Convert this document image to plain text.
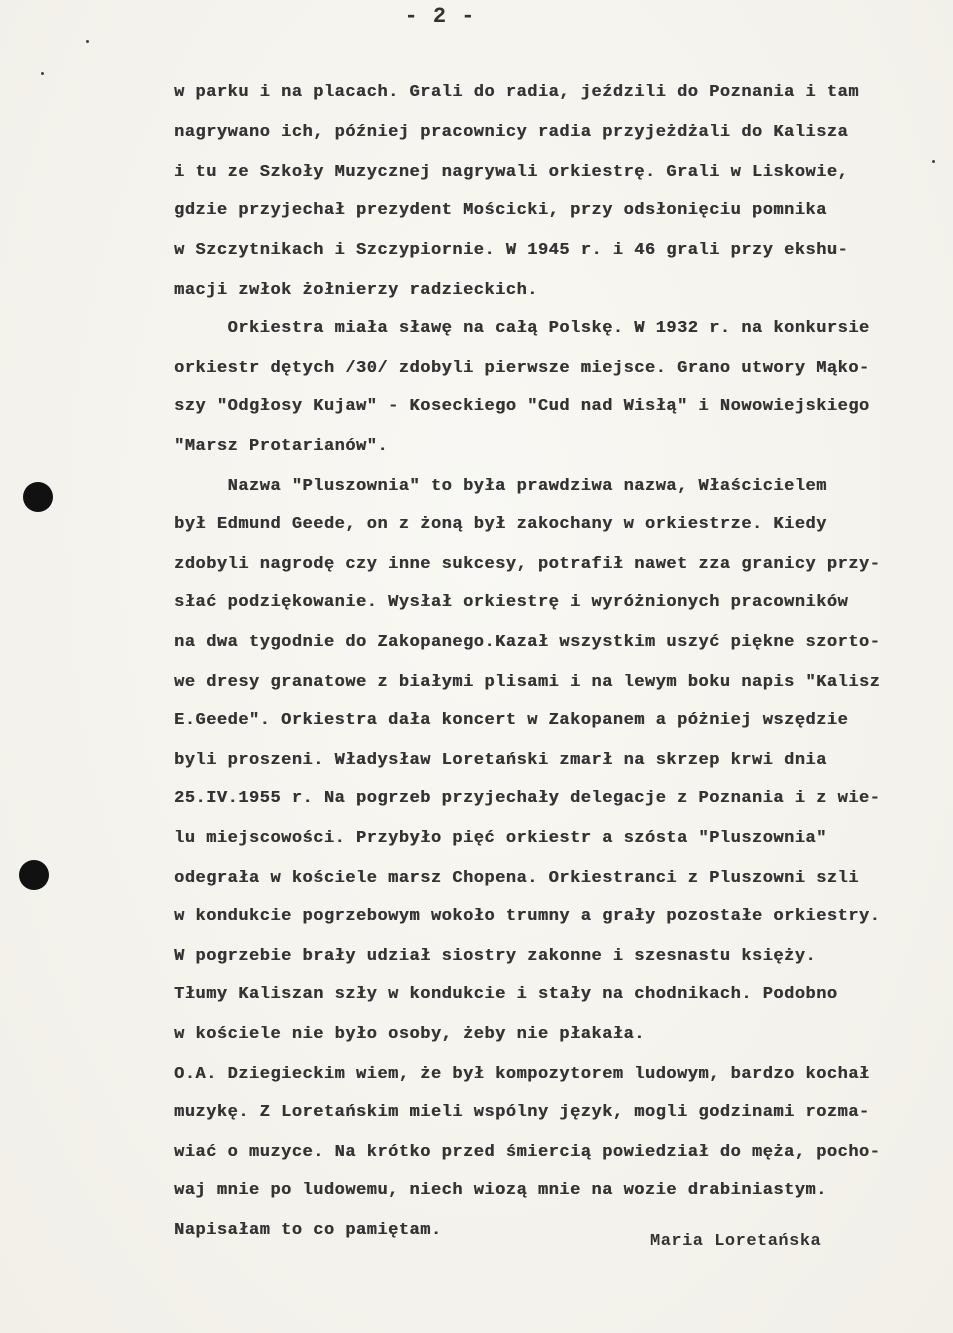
- 2 -
w parku i na placach. Grali do radia, jeździli do Poznania i tam
nagrywano ich, później pracownicy radia przyjeżdżali do Kalisza
i tu ze Szkoły Muzycznej nagrywali orkiestrę. Grali w Liskowie,
gdzie przyjechał prezydent Mościcki, przy odsłonięciu pomnika
w Szczytnikach i Szczypiornie. W 1945 r. i 46 grali przy ekshu-
macji zwłok żołnierzy radzieckich.
Orkiestra miała sławę na całą Polskę. W 1932 r. na konkursie
orkiestr dętych /30/ zdobyli pierwsze miejsce. Grano utwory Mąko-
szy "Odgłosy Kujaw" - Koseckiego "Cud nad Wisłą" i Nowowiejskiego
"Marsz Protarianów".
Nazwa "Pluszownia" to była prawdziwa nazwa, Właścicielem
był Edmund Geede, on z żoną był zakochany w orkiestrze. Kiedy
zdobyli nagrodę czy inne sukcesy, potrafił nawet zza granicy przy-
słać podziękowanie. Wysłał orkiestrę i wyróżnionych pracowników
na dwa tygodnie do Zakopanego.Kazał wszystkim uszyć piękne szorto-
we dresy granatowe z białymi plisami i na lewym boku napis "Kalisz
E.Geede". Orkiestra dała koncert w Zakopanem a póżniej wszędzie
byli proszeni. Władysław Loretański zmarł na skrzep krwi dnia
25.IV.1955 r. Na pogrzeb przyjechały delegacje z Poznania i z wie-
lu miejscowości. Przybyło pięć orkiestr a szósta "Pluszownia"
odegrała w kościele marsz Chopena. Orkiestranci z Pluszowni szli
w kondukcie pogrzebowym wokoło trumny a grały pozostałe orkiestry.
W pogrzebie brały udział siostry zakonne i szesnastu księży.
Tłumy Kaliszan szły w kondukcie i stały na chodnikach. Podobno
w kościele nie było osoby, żeby nie płakała.
O.A. Dziegieckim wiem, że był kompozytorem ludowym, bardzo kochał
muzykę. Z Loretańskim mieli wspólny język, mogli godzinami rozma-
wiać o muzyce. Na krótko przed śmiercią powiedział do męża, pocho-
waj mnie po ludowemu, niech wiozą mnie na wozie drabiniastym.
Napisałam to co pamiętam.
Maria Loretańska
